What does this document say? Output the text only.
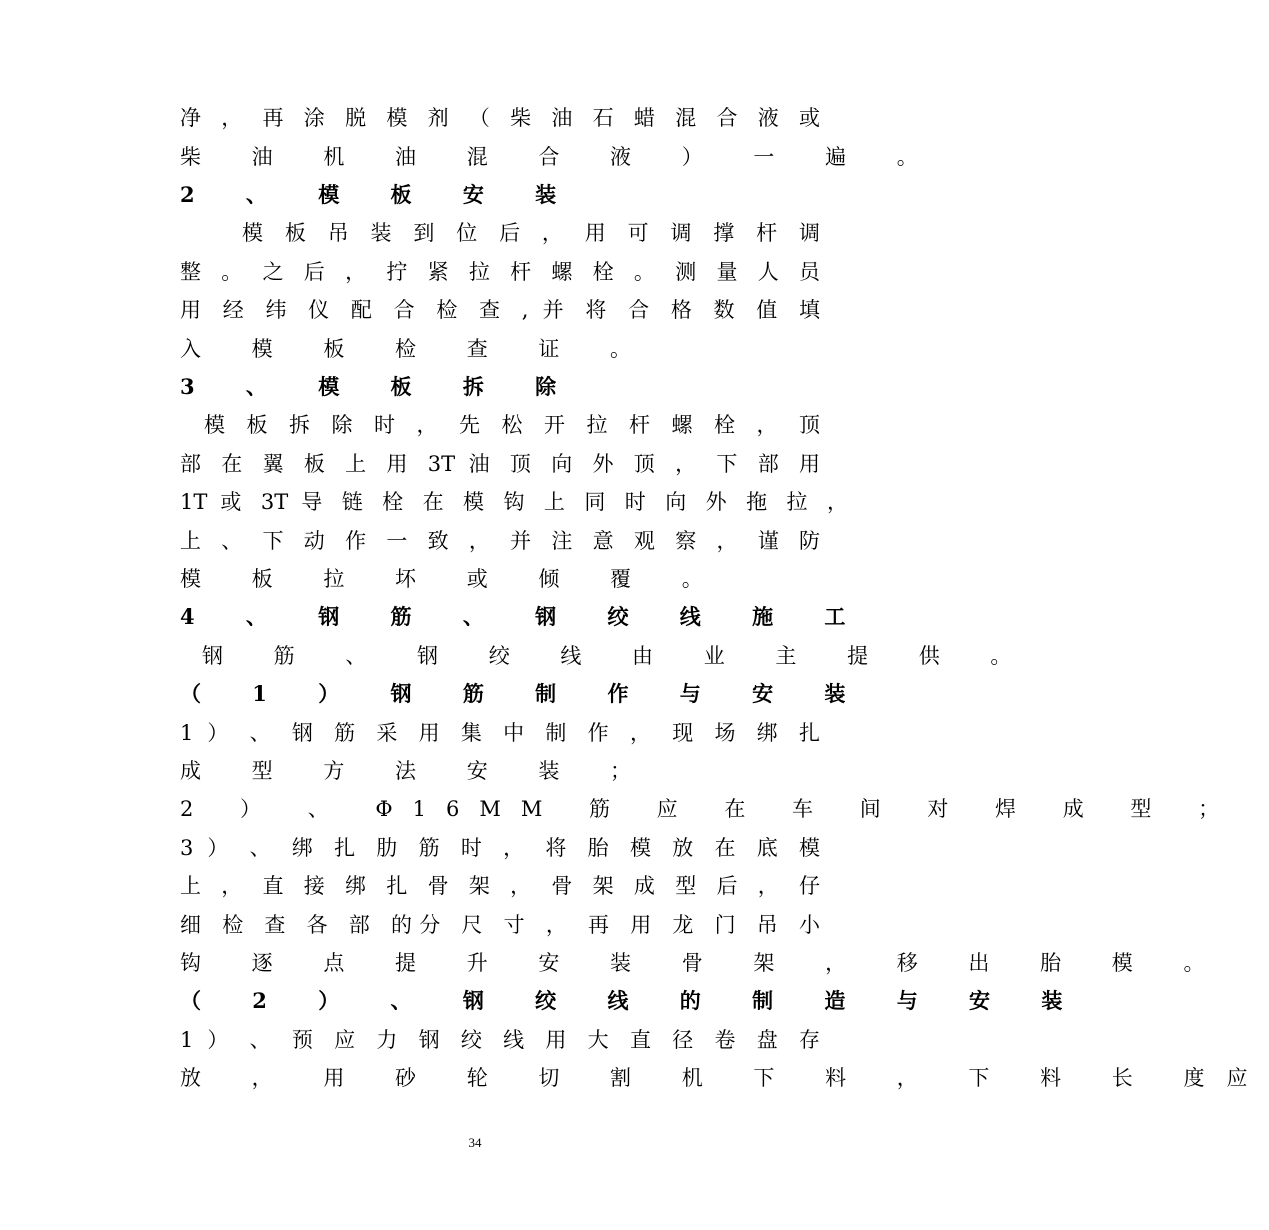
净 ， 再 涂 脱 模 剂 （ 柴 油 石 蜡 混 合 液 或
柴 油 机 油 混 合 液 ） 一 遍 。
2 、 模 板 安 装
模 板 吊 装 到 位 后 ， 用 可 调 撑 杆 调
整 。 之 后 ， 拧 紧 拉 杆 螺 栓 。 测 量 人 员
用 经 纬 仪 配 合 检 查 , 并 将 合 格 数 值 填
入 模 板 检 查 证 。
3 、 模 板 拆 除
模 板 拆 除 时 ， 先 松 开 拉 杆 螺 栓 ， 顶
部 在 翼 板 上 用 3T 油 顶 向 外 顶 ， 下 部 用
1T 或 3T 导 链 栓 在 模 钩 上 同 时 向 外 拖 拉 ，
上 、 下 动 作 一 致 ， 并 注 意 观 察 ， 谨 防
模 板 拉 坏 或 倾 覆 。
4 、 钢 筋 、 钢 绞 线 施 工
钢 筋 、 钢 绞 线 由 业 主 提 供 。
（ 1 ） 钢 筋 制 作 与 安 装
1 ） 、 钢 筋 采 用 集 中 制 作 ， 现 场 绑 扎
成 型 方 法 安 装 ；
2 ） 、 Φ16MM 筋 应 在 车 间 对 焊 成 型 ；
3 ） 、 绑 扎 肋 筋 时 ， 将 胎 模 放 在 底 模
上 ， 直 接 绑 扎 骨 架 ， 骨 架 成 型 后 ， 仔
细 检 查 各 部 的分 尺 寸 ， 再 用 龙 门 吊 小
钩 逐 点 提 升 安 装 骨 架 ， 移 出 胎 模 。
（ 2 ） 、 钢 绞 线 的 制 造 与 安 装
1 ） 、 预 应 力 钢 绞 线 用 大 直 径 卷 盘 存
放 ， 用 砂 轮 切 割 机 下 料 ， 下 料 长 度应
34
